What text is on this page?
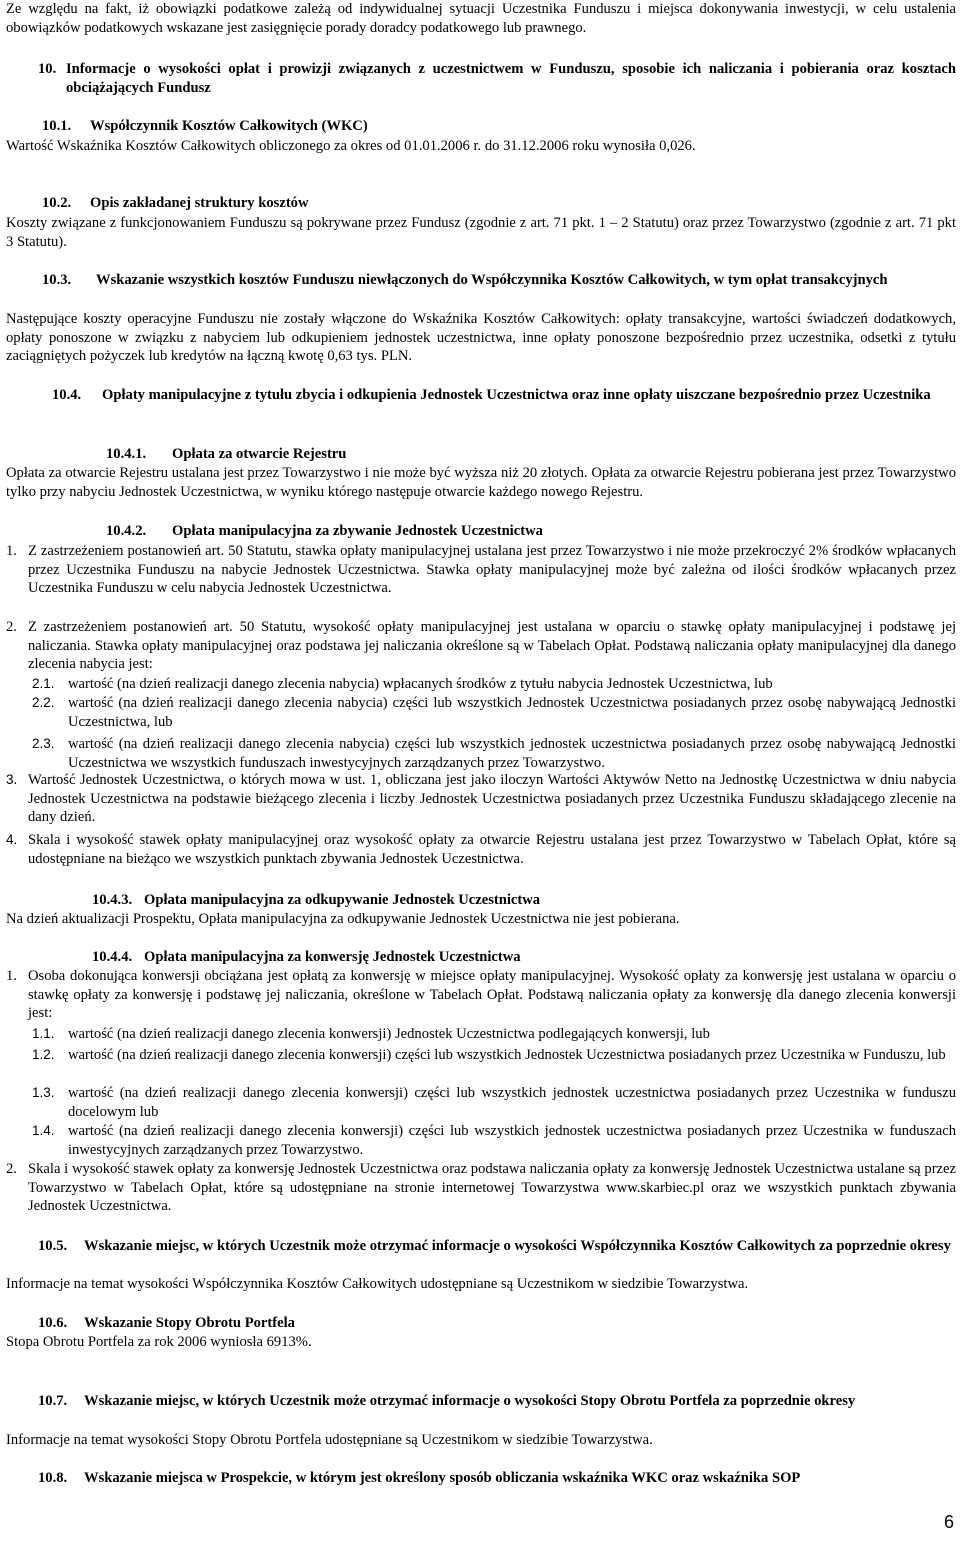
Ze względu na fakt, iż obowiązki podatkowe zależą od indywidualnej sytuacji Uczestnika Funduszu i miejsca dokonywania inwestycji, w celu ustalenia obowiązków podatkowych wskazane jest zasięgnięcie porady doradcy podatkowego lub prawnego.

10. Informacje o wysokości opłat i prowizji związanych z uczestnictwem w Funduszu, sposobie ich naliczania i pobierania oraz kosztach obciążających Fundusz
10.1. Współczynnik Kosztów Całkowitych (WKC)

Wartość Wskaźnika Kosztów Całkowitych obliczonego za okres od 01.01.2006 r. do 31.12.2006 roku wynosiła 0,026.

10.2. Opis zakładanej struktury kosztów

Koszty związane z funkcjonowaniem Funduszu są pokrywane przez Fundusz (zgodnie z art. 71 pkt. 1 – 2 Statutu) oraz przez Towarzystwo (zgodnie z art. 71 pkt 3 Statutu).

10.3. Wskazanie wszystkich kosztów Funduszu niewłączonych do Współczynnika Kosztów Całkowitych, w tym opłat transakcyjnych

Następujące koszty operacyjne Funduszu nie zostały włączone do Wskaźnika Kosztów Całkowitych: opłaty transakcyjne, wartości świadczeń dodatkowych, opłaty ponoszone w związku z nabyciem lub odkupieniem jednostek uczestnictwa, inne opłaty ponoszone bezpośrednio przez uczestnika, odsetki z tytułu zaciągniętych pożyczek lub kredytów na łączną kwotę 0,63 tys. PLN.

10.4. Opłaty manipulacyjne z tytułu zbycia i odkupienia Jednostek Uczestnictwa oraz inne opłaty uiszczane bezpośrednio przez Uczestnika
10.4.1. Opłata za otwarcie Rejestru

Opłata za otwarcie Rejestru ustalana jest przez Towarzystwo i nie może być wyższa niż 20 złotych. Opłata za otwarcie Rejestru pobierana jest przez Towarzystwo tylko przy nabyciu Jednostek Uczestnictwa, w wyniku którego następuje otwarcie każdego nowego Rejestru.

10.4.2. Opłata manipulacyjna za zbywanie Jednostek Uczestnictwa
1. Z zastrzeżeniem postanowień art. 50 Statutu, stawka opłaty manipulacyjnej ustalana jest przez Towarzystwo i nie może przekroczyć 2% środków wpłacanych przez Uczestnika Funduszu na nabycie Jednostek Uczestnictwa. Stawka opłaty manipulacyjnej może być zależna od ilości środków wpłacanych przez Uczestnika Funduszu w celu nabycia Jednostek Uczestnictwa.
2. Z zastrzeżeniem postanowień art. 50 Statutu, wysokość opłaty manipulacyjnej jest ustalana w oparciu o stawkę opłaty manipulacyjnej i podstawę jej naliczania. Stawka opłaty manipulacyjnej oraz podstawa jej naliczania określone są w Tabelach Opłat. Podstawą naliczania opłaty manipulacyjnej dla danego zlecenia nabycia jest:
2.1. wartość (na dzień realizacji danego zlecenia nabycia) wpłacanych środków z tytułu nabycia Jednostek Uczestnictwa, lub
2.2. wartość (na dzień realizacji danego zlecenia nabycia) części lub wszystkich Jednostek Uczestnictwa posiadanych przez osobę nabywającą Jednostki Uczestnictwa, lub
2.3. wartość (na dzień realizacji danego zlecenia nabycia) części lub wszystkich jednostek uczestnictwa posiadanych przez osobę nabywającą Jednostki Uczestnictwa we wszystkich funduszach inwestycyjnych zarządzanych przez Towarzystwo.
3. Wartość Jednostek Uczestnictwa, o których mowa w ust. 1, obliczana jest jako iloczyn Wartości Aktywów Netto na Jednostkę Uczestnictwa w dniu nabycia Jednostek Uczestnictwa na podstawie bieżącego zlecenia i liczby Jednostek Uczestnictwa posiadanych przez Uczestnika Funduszu składającego zlecenie na dany dzień.
4. Skala i wysokość stawek opłaty manipulacyjnej oraz wysokość opłaty za otwarcie Rejestru ustalana jest przez Towarzystwo w Tabelach Opłat, które są udostępniane na bieżąco we wszystkich punktach zbywania Jednostek Uczestnictwa.
10.4.3. Opłata manipulacyjna za odkupywanie Jednostek Uczestnictwa

Na dzień aktualizacji Prospektu, Opłata manipulacyjna za odkupywanie Jednostek Uczestnictwa nie jest pobierana.

10.4.4. Opłata manipulacyjna za konwersję Jednostek Uczestnictwa
1. Osoba dokonująca konwersji obciążana jest opłatą za konwersję w miejsce opłaty manipulacyjnej. Wysokość opłaty za konwersję jest ustalana w oparciu o stawkę opłaty za konwersję i podstawę jej naliczania, określone w Tabelach Opłat. Podstawą naliczania opłaty za konwersję dla danego zlecenia konwersji jest:
1.1. wartość (na dzień realizacji danego zlecenia konwersji) Jednostek Uczestnictwa podlegających konwersji, lub
1.2. wartość (na dzień realizacji danego zlecenia konwersji) części lub wszystkich Jednostek Uczestnictwa posiadanych przez Uczestnika w Funduszu, lub
1.3. wartość (na dzień realizacji danego zlecenia konwersji) części lub wszystkich jednostek uczestnictwa posiadanych przez Uczestnika w funduszu docelowym lub
1.4. wartość (na dzień realizacji danego zlecenia konwersji) części lub wszystkich jednostek uczestnictwa posiadanych przez Uczestnika w funduszach inwestycyjnych zarządzanych przez Towarzystwo.
2. Skala i wysokość stawek opłaty za konwersję Jednostek Uczestnictwa oraz podstawa naliczania opłaty za konwersję Jednostek Uczestnictwa ustalane są przez Towarzystwo w Tabelach Opłat, które są udostępniane na stronie internetowej Towarzystwa www.skarbiec.pl oraz we wszystkich punktach zbywania Jednostek Uczestnictwa.
10.5. Wskazanie miejsc, w których Uczestnik może otrzymać informacje o wysokości Współczynnika Kosztów Całkowitych za poprzednie okresy

Informacje na temat wysokości Współczynnika Kosztów Całkowitych udostępniane są Uczestnikom w siedzibie Towarzystwa.

10.6. Wskazanie Stopy Obrotu Portfela

Stopa Obrotu Portfela za rok 2006 wyniosła 6913%.

10.7. Wskazanie miejsc, w których Uczestnik może otrzymać informacje o wysokości Stopy Obrotu Portfela za poprzednie okresy

Informacje na temat wysokości Stopy Obrotu Portfela udostępniane są Uczestnikom w siedzibie Towarzystwa.

10.8. Wskazanie miejsca w Prospekcie, w którym jest określony sposób obliczania wskaźnika WKC oraz wskaźnika SOP
6
